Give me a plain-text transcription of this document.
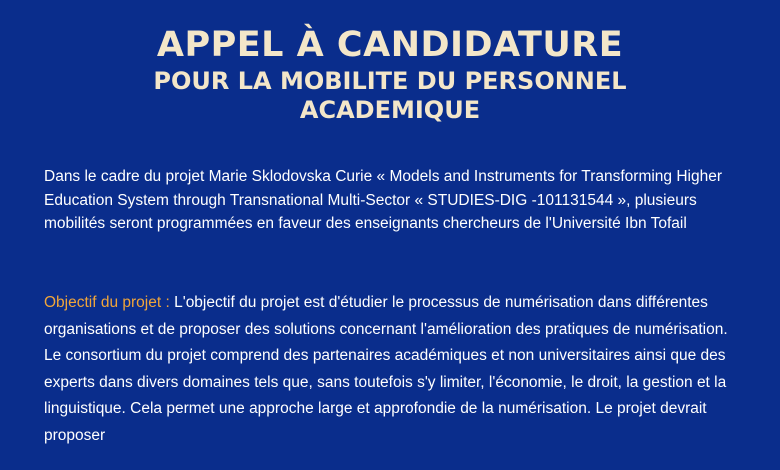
APPEL À CANDIDATURE
POUR LA MOBILITE DU PERSONNEL
ACADEMIQUE
Dans le cadre du projet Marie Sklodovska Curie « Models and Instruments for Transforming Higher Education System through Transnational Multi-Sector « STUDIES-DIG -101131544 », plusieurs mobilités seront programmées en faveur des enseignants chercheurs de l'Université Ibn Tofail
Objectif du projet : L'objectif du projet est d'étudier le processus de numérisation dans différentes organisations et de proposer des solutions concernant l'amélioration des pratiques de numérisation. Le consortium du projet comprend des partenaires académiques et non universitaires ainsi que des experts dans divers domaines tels que, sans toutefois s'y limiter, l'économie, le droit, la gestion et la linguistique. Cela permet une approche large et approfondie de la numérisation. Le projet devrait proposer
